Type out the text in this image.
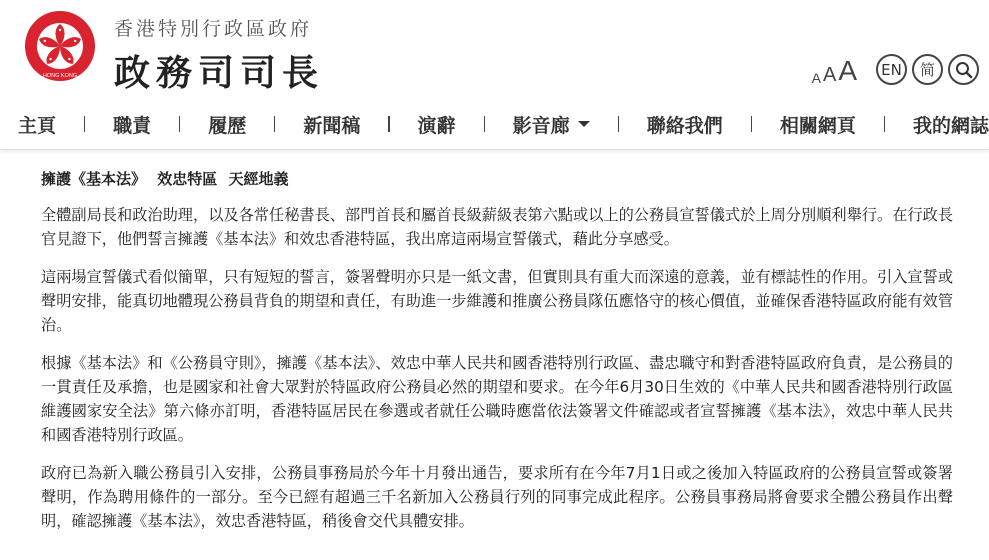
HONG KONG
香港特別行政區政府
政務司司長	A A A	EN	简
主頁	職責	履歷	新聞稿	演辭	影音廊	聯絡我們	相關網頁	我的網誌
擁護《基本法》 效忠特區 天經地義

全體副局長和政治助理，以及各常任秘書長、部門首長和屬首長級薪級表第六點或以上的公務員宣誓儀式於上周分別順利舉行。在行政長官見證下，他們誓言擁護《基本法》和效忠香港特區，我出席這兩場宣誓儀式，藉此分享感受。

這兩場宣誓儀式看似簡單，只有短短的誓言，簽署聲明亦只是一紙文書，但實則具有重大而深遠的意義，並有標誌性的作用。引入宣誓或聲明安排，能真切地體現公務員背負的期望和責任，有助進一步維護和推廣公務員隊伍應恪守的核心價值，並確保香港特區政府能有效管治。

根據《基本法》和《公務員守則》，擁護《基本法》、效忠中華人民共和國香港特別行政區、盡忠職守和對香港特區政府負責，是公務員的一貫責任及承擔，也是國家和社會大眾對於特區政府公務員必然的期望和要求。在今年6月30日生效的《中華人民共和國香港特別行政區維護國家安全法》第六條亦訂明，香港特區居民在參選或者就任公職時應當依法簽署文件確認或者宣誓擁護《基本法》，效忠中華人民共和國香港特別行政區。

政府已為新入職公務員引入安排，公務員事務局於今年十月發出通告，要求所有在今年7月1日或之後加入特區政府的公務員宣誓或簽署聲明，作為聘用條件的一部分。至今已經有超過三千名新加入公務員行列的同事完成此程序。公務員事務局將會要求全體公務員作出聲明，確認擁護《基本法》，效忠香港特區，稍後會交代具體安排。
